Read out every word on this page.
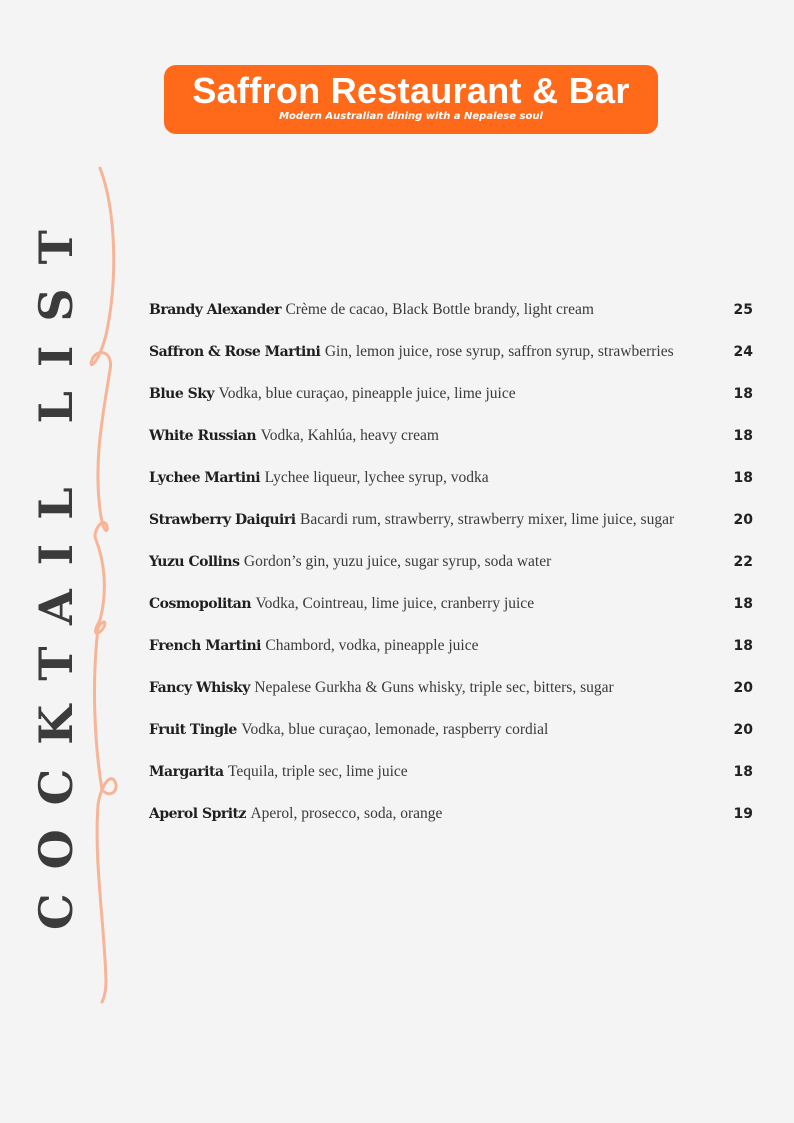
Saffron Restaurant & Bar
Modern Australian dining with a Nepalese soul
COCKTAIL LIST	Brandy Alexander Crème de cacao, Black Bottle brandy, light cream	25
Saffron & Rose Martini Gin, lemon juice, rose syrup, saffron syrup, strawberries	24
Blue Sky Vodka, blue curaçao, pineapple juice, lime juice	18
White Russian Vodka, Kahlúa, heavy cream	18
Lychee Martini Lychee liqueur, lychee syrup, vodka	18
Strawberry Daiquiri Bacardi rum, strawberry, strawberry mixer, lime juice, sugar	20
Yuzu Collins Gordon’s gin, yuzu juice, sugar syrup, soda water	22
Cosmopolitan Vodka, Cointreau, lime juice, cranberry juice	18
French Martini Chambord, vodka, pineapple juice	18
Fancy Whisky Nepalese Gurkha & Guns whisky, triple sec, bitters, sugar	20
Fruit Tingle Vodka, blue curaçao, lemonade, raspberry cordial	20
Margarita Tequila, triple sec, lime juice	18
Aperol Spritz Aperol, prosecco, soda, orange	19
